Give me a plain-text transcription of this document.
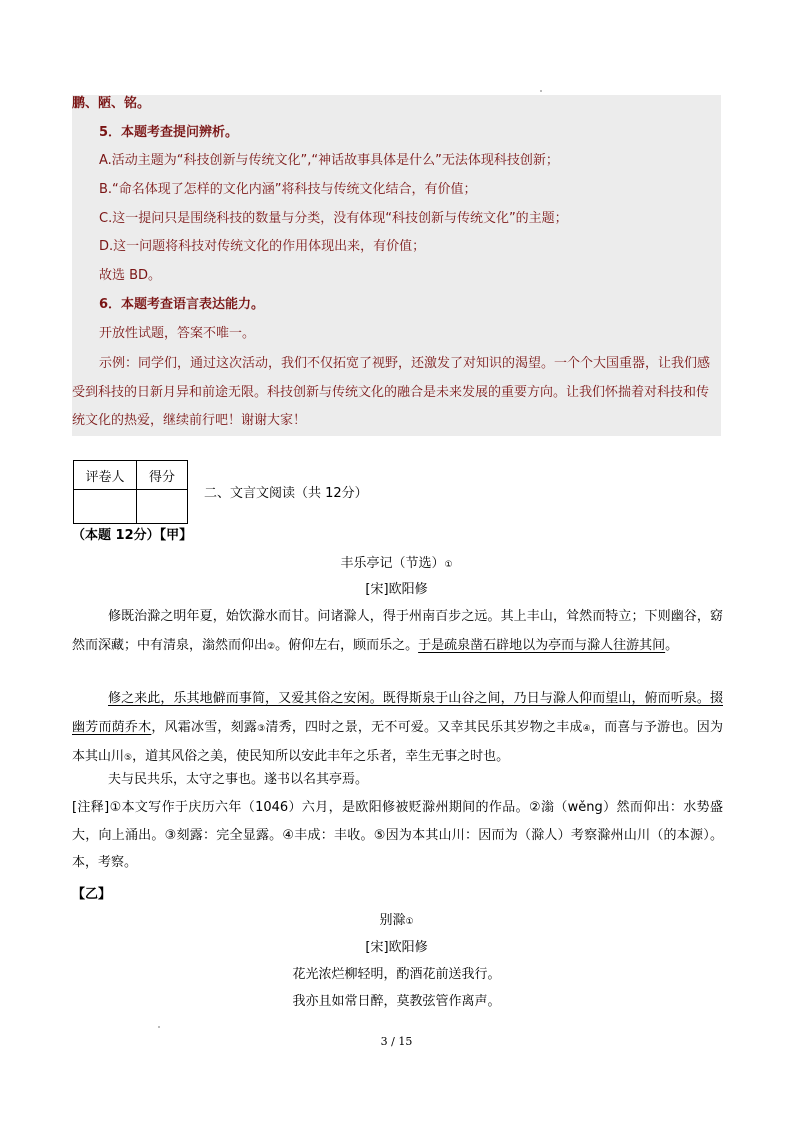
鹏、陋、铭。
5．本题考查提问辨析。
A.活动主题为“科技创新与传统文化”,“神话故事具体是什么”无法体现科技创新；
B.“命名体现了怎样的文化内涵”将科技与传统文化结合，有价值；
C.这一提问只是围绕科技的数量与分类，没有体现“科技创新与传统文化”的主题；
D.这一问题将科技对传统文化的作用体现出来，有价值；
故选 BD。
6．本题考查语言表达能力。
开放性试题，答案不唯一。
示例：同学们，通过这次活动，我们不仅拓宽了视野，还激发了对知识的渴望。一个个大国重器，让我们感受到科技的日新月异和前途无限。科技创新与传统文化的融合是未来发展的重要方向。让我们怀揣着对科技和传统文化的热爱，继续前行吧！谢谢大家！
评卷人	得分

二、文言文阅读（共 12分）
（本题 12分）【甲】
丰乐亭记（节选）①
[宋]欧阳修
修既治滁之明年夏，始饮滁水而甘。问诸滁人，得于州南百步之远。其上丰山，耸然而特立；下则幽谷，窈然而深藏；中有清泉，滃然而仰出②。俯仰左右，顾而乐之。于是疏泉凿石辟地以为亭而与滁人往游其间。
修之来此，乐其地僻而事简，又爱其俗之安闲。既得斯泉于山谷之间，乃日与滁人仰而望山，俯而听泉。掇幽芳而荫乔木，风霜冰雪，刻露③清秀，四时之景，无不可爱。又幸其民乐其岁物之丰成④，而喜与予游也。因为本其山川⑤，道其风俗之美，使民知所以安此丰年之乐者，幸生无事之时也。
夫与民共乐，太守之事也。遂书以名其亭焉。
[注释]①本文写作于庆历六年（1046）六月，是欧阳修被贬滁州期间的作品。②滃（wěng）然而仰出：水势盛大，向上涌出。③刻露：完全显露。④丰成：丰收。⑤因为本其山川：因而为（滁人）考察滁州山川（的本源）。本，考察。
【乙】
别滁①
[宋]欧阳修
花光浓烂柳轻明，酌酒花前送我行。
我亦且如常日醉，莫教弦管作离声。
3 / 15
